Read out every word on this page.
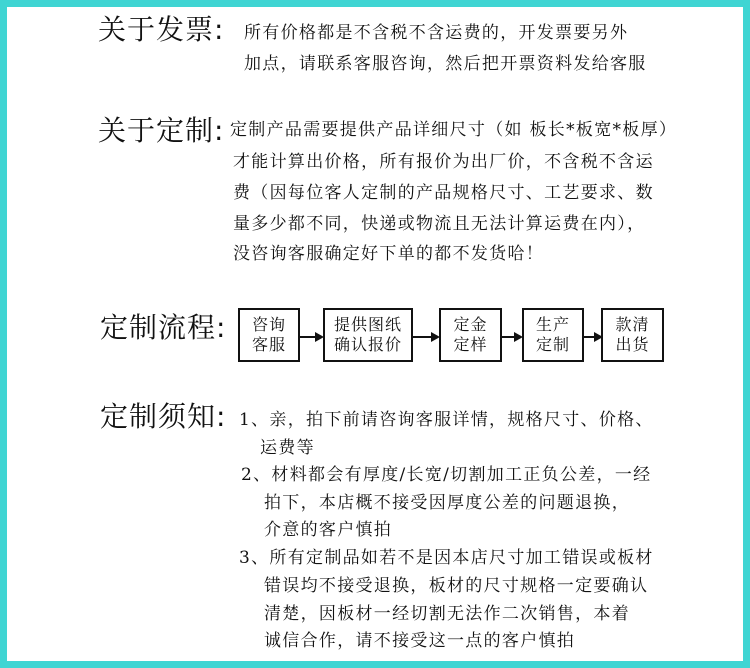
关于发票: 所有价格都是不含税不含运费的，开发票要另外
加点，请联系客服咨询，然后把开票资料发给客服
关于定制: 定制产品需要提供产品详细尺寸（如 板长*板宽*板厚）
才能计算出价格，所有报价为出厂价，不含税不含运
费（因每位客人定制的产品规格尺寸、工艺要求、数
量多少都不同，快递或物流且无法计算运费在内），
没咨询客服确定好下单的都不发货哈！
定制流程: 咨询
客服
提供图纸
确认报价
定金
定样
生产
定制
款清
出货
定制须知: 1、亲，拍下前请咨询客服详情，规格尺寸、价格、
运费等
2、材料都会有厚度/长宽/切割加工正负公差，一经
拍下，本店概不接受因厚度公差的问题退换，
介意的客户慎拍
3、所有定制品如若不是因本店尺寸加工错误或板材
错误均不接受退换，板材的尺寸规格一定要确认
清楚，因板材一经切割无法作二次销售，本着
诚信合作，请不接受这一点的客户慎拍
